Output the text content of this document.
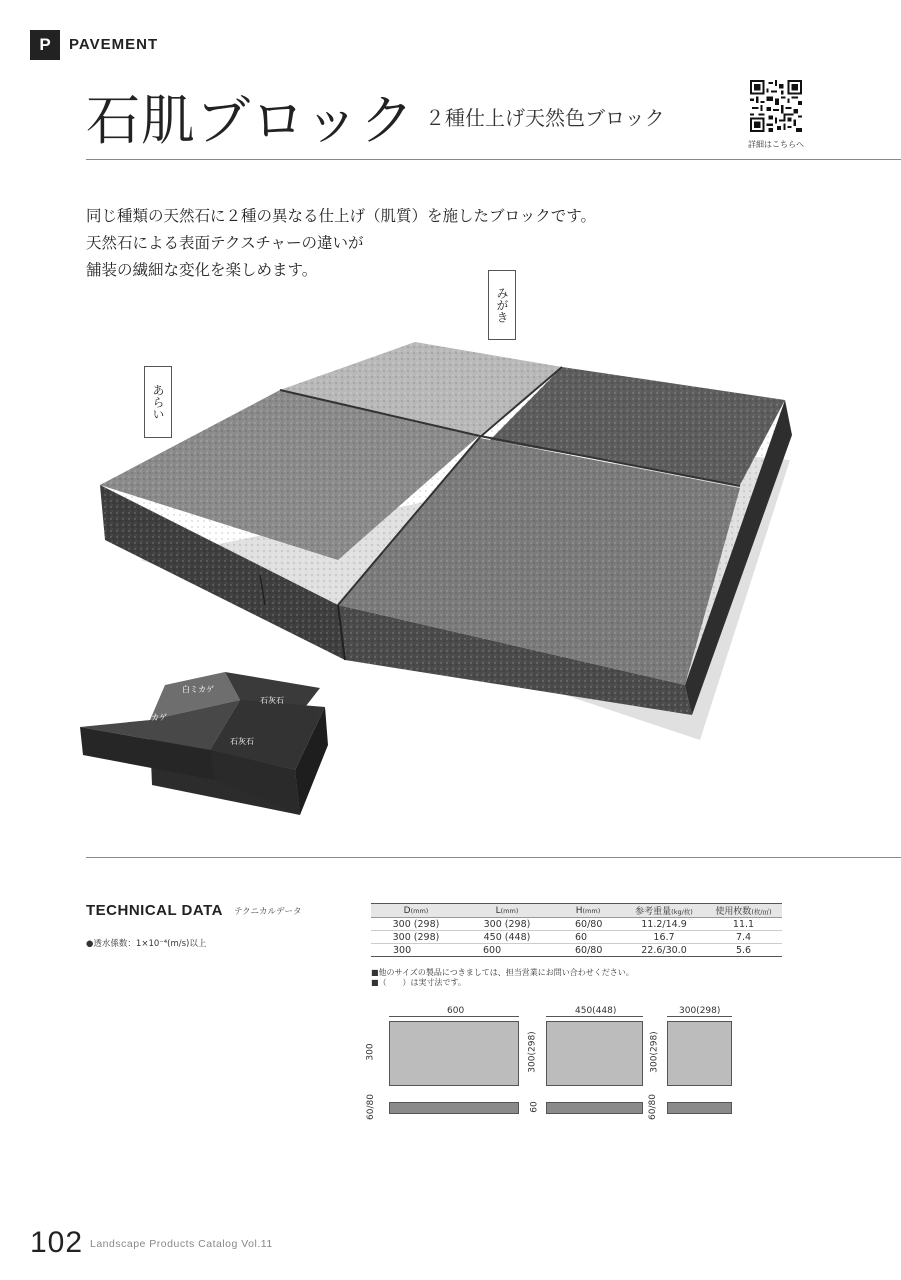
P	PAVEMENT
石肌ブロック ２種仕上げ天然色ブロック
詳細はこちらへ
同じ種類の天然石に２種の異なる仕上げ（肌質）を施したブロックです。
天然石による表面テクスチャーの違いが
舗装の繊細な変化を楽しめます。
みがき
あらい
白ミカゲ
石灰石
白ミカゲ
石灰石
TECHNICAL DATA テクニカルデータ
●透水係数：1×10⁻⁴(m/s)以上
D(mm)	L(mm)	H(mm)	参考重量(kg/枚)	使用枚数(枚/㎡)
300 (298)	300 (298)	60/80	11.2/14.9	11.1
300 (298)	450 (448)	60	16.7	7.4
300	600	60/80	22.6/30.0	5.6
■他のサイズの製品につきましては、担当営業にお問い合わせください。
■（　　）は実寸法です。
600
300
60/80
450(448)
300(298)
60
300(298)
300(298)
60/80
102 Landscape Products Catalog Vol.11
